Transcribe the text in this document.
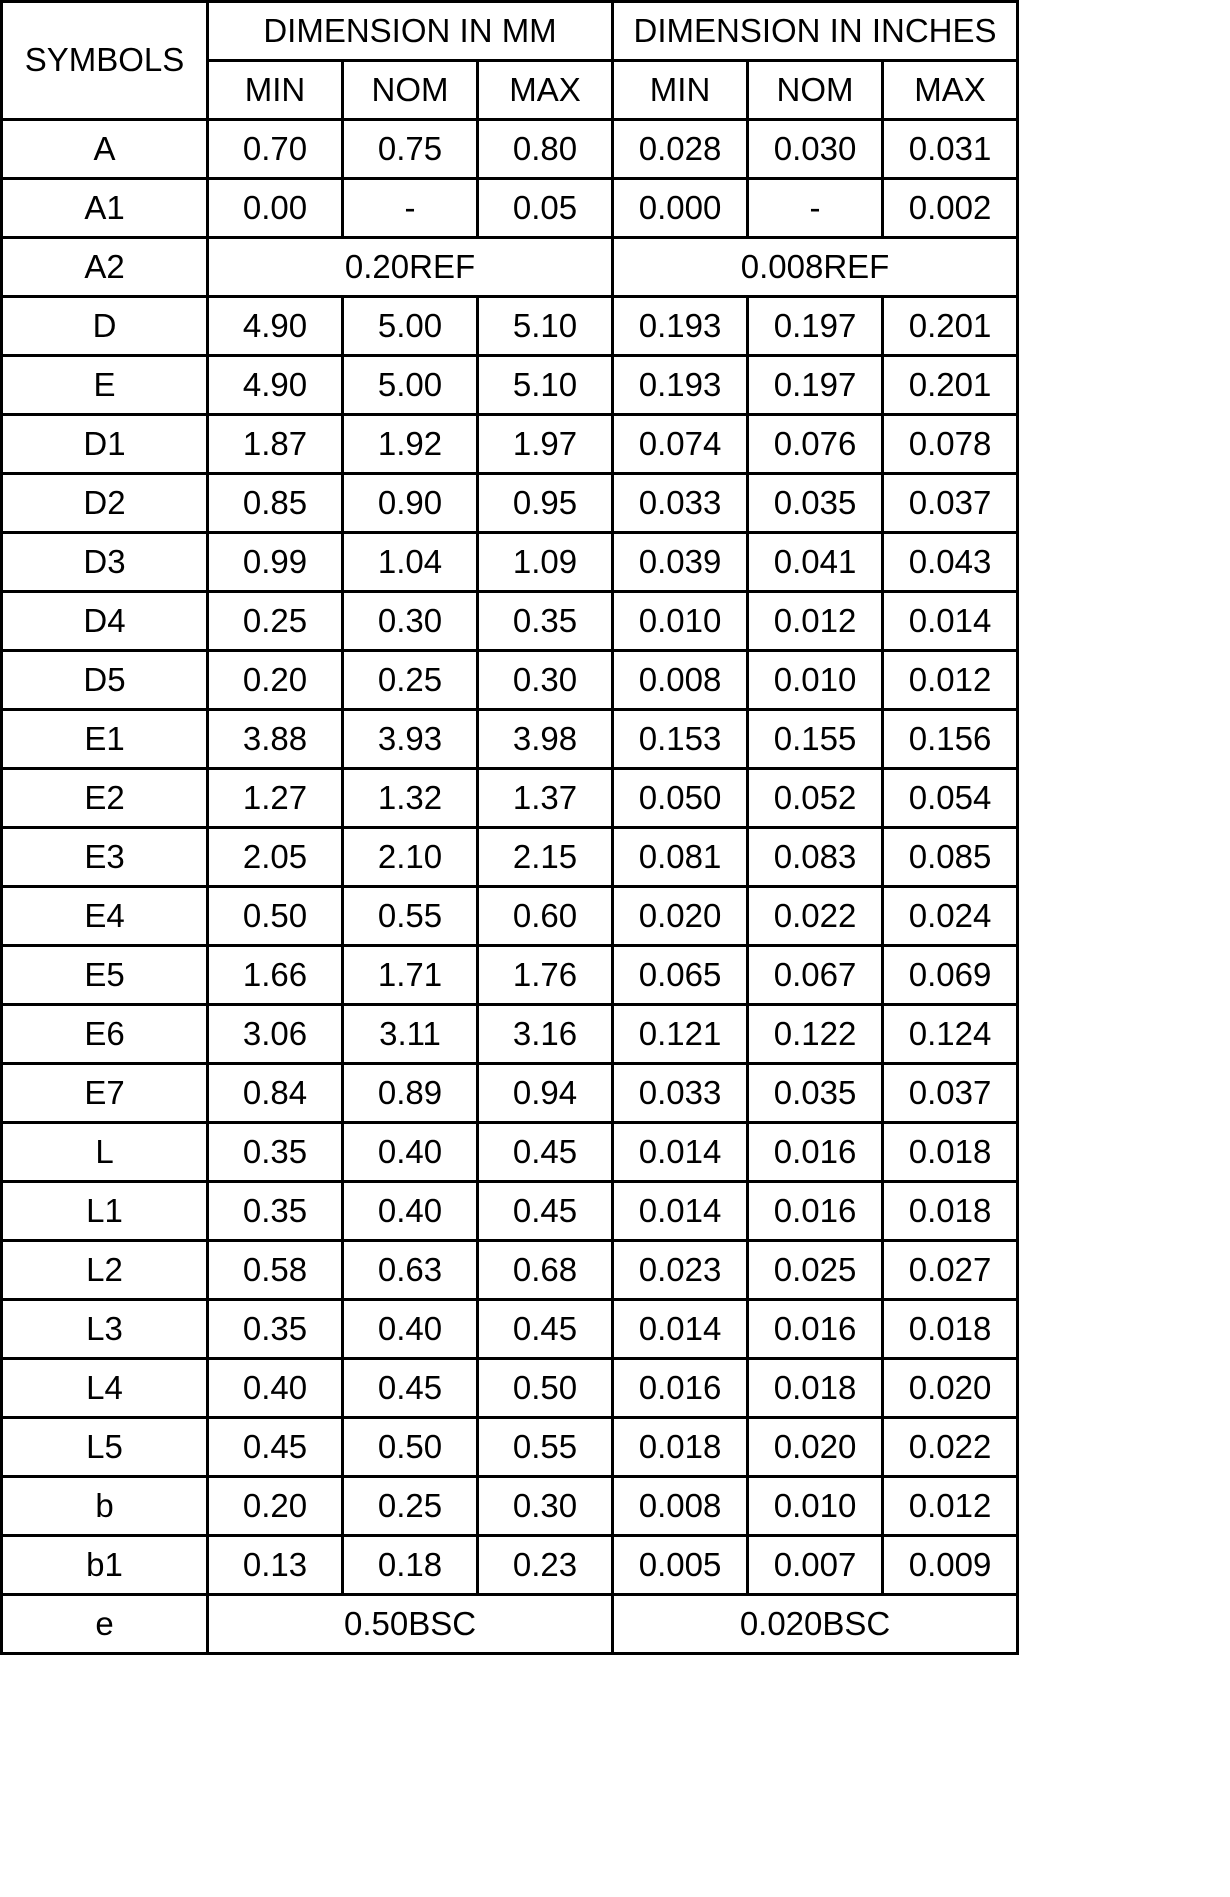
SYMBOLS	DIMENSION IN MM			DIMENSION IN INCHES		
	MIN	NOM	MAX	MIN	NOM	MAX
A	0.70	0.75	0.80	0.028	0.030	0.031
A1	0.00	-	0.05	0.000	-	0.002
A2	0.20REF			0.008REF		
D	4.90	5.00	5.10	0.193	0.197	0.201
E	4.90	5.00	5.10	0.193	0.197	0.201
D1	1.87	1.92	1.97	0.074	0.076	0.078
D2	0.85	0.90	0.95	0.033	0.035	0.037
D3	0.99	1.04	1.09	0.039	0.041	0.043
D4	0.25	0.30	0.35	0.010	0.012	0.014
D5	0.20	0.25	0.30	0.008	0.010	0.012
E1	3.88	3.93	3.98	0.153	0.155	0.156
E2	1.27	1.32	1.37	0.050	0.052	0.054
E3	2.05	2.10	2.15	0.081	0.083	0.085
E4	0.50	0.55	0.60	0.020	0.022	0.024
E5	1.66	1.71	1.76	0.065	0.067	0.069
E6	3.06	3.11	3.16	0.121	0.122	0.124
E7	0.84	0.89	0.94	0.033	0.035	0.037
L	0.35	0.40	0.45	0.014	0.016	0.018
L1	0.35	0.40	0.45	0.014	0.016	0.018
L2	0.58	0.63	0.68	0.023	0.025	0.027
L3	0.35	0.40	0.45	0.014	0.016	0.018
L4	0.40	0.45	0.50	0.016	0.018	0.020
L5	0.45	0.50	0.55	0.018	0.020	0.022
b	0.20	0.25	0.30	0.008	0.010	0.012
b1	0.13	0.18	0.23	0.005	0.007	0.009
e	0.50BSC			0.020BSC		
